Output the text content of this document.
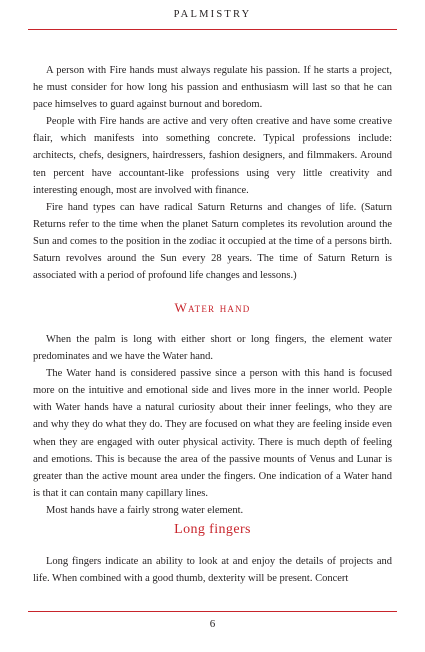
PALMISTRY

A person with Fire hands must always regulate his passion. If he starts a project, he must consider for how long his passion and enthusiasm will last so that he can pace himselves to guard against burnout and boredom.

People with Fire hands are active and very often creative and have some creative flair, which manifests into something concrete. Typical professions include: architects, chefs, designers, hairdressers, fashion designers, and filmmakers. Around ten percent have accountant-like professions using very little creativity and interesting enough, most are involved with finance.

Fire hand types can have radical Saturn Returns and changes of life. (Saturn Returns refer to the time when the planet Saturn completes its revolution around the Sun and comes to the position in the zodiac it occupied at the time of a persons birth. Saturn revolves around the Sun every 28 years. The time of Saturn Return is associated with a period of profound life changes and lessons.)

Water hand

When the palm is long with either short or long fingers, the element water predominates and we have the Water hand.

The Water hand is considered passive since a person with this hand is focused more on the intuitive and emotional side and lives more in the inner world. People with Water hands have a natural curiosity about their inner feelings, who they are and why they do what they do. They are focused on what they are feeling inside even when they are engaged with outer physical activity. There is much depth of feeling and emotions. This is because the area of the passive mounts of Venus and Lunar is greater than the active mount area under the fingers. One indication of a Water hand is that it can contain many capillary lines.

Most hands have a fairly strong water element.

Long fingers

Long fingers indicate an ability to look at and enjoy the details of projects and life. When combined with a good thumb, dexterity will be present. Concert

6
